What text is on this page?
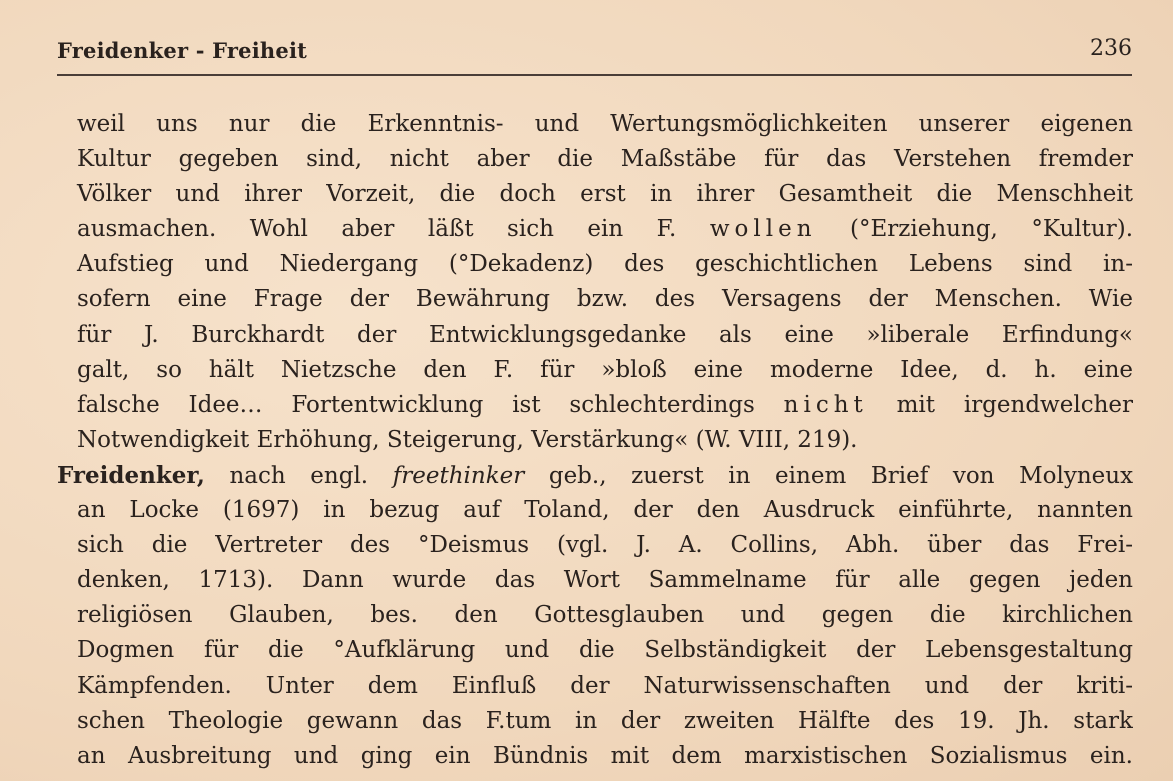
Freidenker - Freiheit	236
weil uns nur die Erkenntnis- und Wertungsmöglichkeiten unserer eigenen
Kultur gegeben sind, nicht aber die Maßstäbe für das Verstehen fremder
Völker und ihrer Vorzeit, die doch erst in ihrer Gesamtheit die Menschheit
ausmachen. Wohl aber läßt sich ein F. wollen (°Erziehung, °Kultur).
Aufstieg und Niedergang (°Dekadenz) des geschichtlichen Lebens sind in-
sofern eine Frage der Bewährung bzw. des Versagens der Menschen. Wie
für J. Burckhardt der Entwicklungsgedanke als eine »liberale Erfindung«
galt, so hält Nietzsche den F. für »bloß eine moderne Idee, d. h. eine
falsche Idee… Fortentwicklung ist schlechterdings nicht mit irgendwelcher
Notwendigkeit Erhöhung, Steigerung, Verstärkung« (W. VIII, 219).
Freidenker, nach engl. freethinker geb., zuerst in einem Brief von Molyneux
an Locke (1697) in bezug auf Toland, der den Ausdruck einführte, nannten
sich die Vertreter des °Deismus (vgl. J. A. Collins, Abh. über das Frei-
denken, 1713). Dann wurde das Wort Sammelname für alle gegen jeden
religiösen Glauben, bes. den Gottesglauben und gegen die kirchlichen
Dogmen für die °Aufklärung und die Selbständigkeit der Lebensgestaltung
Kämpfenden. Unter dem Einfluß der Naturwissenschaften und der kriti-
schen Theologie gewann das F.tum in der zweiten Hälfte des 19. Jh. stark
an Ausbreitung und ging ein Bündnis mit dem marxistischen Sozialismus ein.
